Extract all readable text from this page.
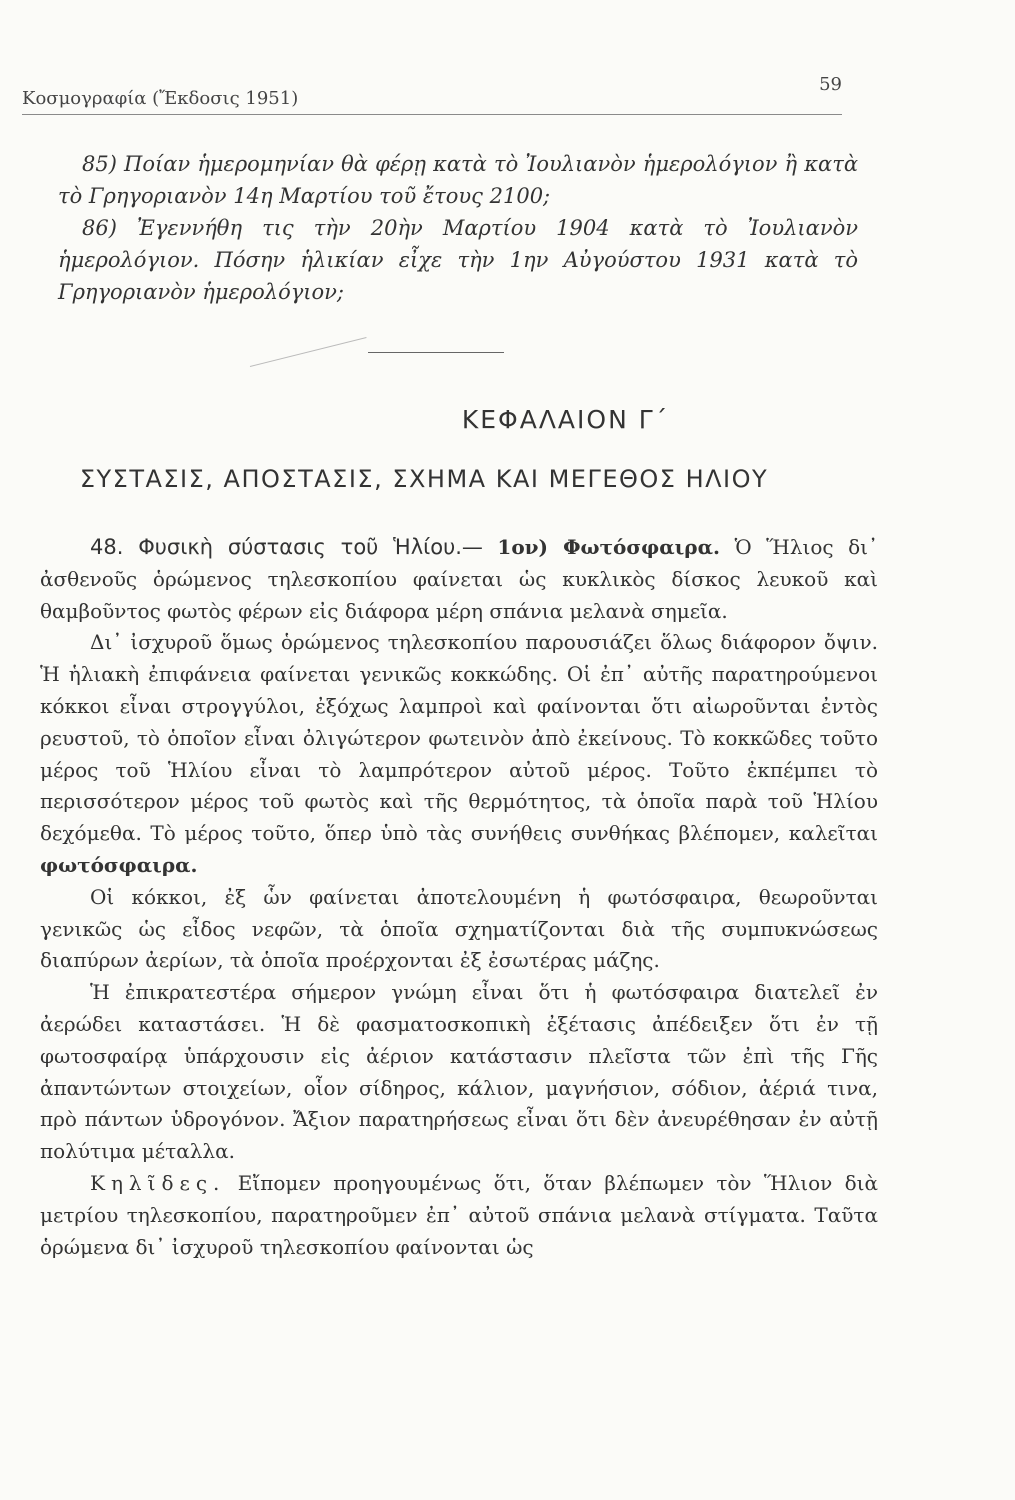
Κοσμογραφία (Ἔκδοσις 1951)
59

85) Ποίαν ἡμερομηνίαν θὰ φέρῃ κατὰ τὸ Ἰουλιανὸν ἡμερολόγιον ἢ κατὰ τὸ Γρηγοριανὸν 14η Μαρτίου τοῦ ἔτους 2100;

86) Ἐγεννήθη τις τὴν 20ὴν Μαρτίου 1904 κατὰ τὸ Ἰουλιανὸν ἡμερολόγιον. Πόσην ἡλικίαν εἶχε τὴν 1ην Αὐγούστου 1931 κατὰ τὸ Γρηγοριανὸν ἡμερολόγιον;

ΚΕΦΑΛΑΙΟΝ Γ΄
ΣΥΣΤΑΣΙΣ, ΑΠΟΣΤΑΣΙΣ, ΣΧΗΜΑ ΚΑΙ ΜΕΓΕΘΟΣ ΗΛΙΟΥ

48. Φυσικὴ σύστασις τοῦ Ἡλίου.— 1ον) Φωτόσφαιρα. Ὁ Ἥλιος δι᾽ ἀσθενοῦς ὁρώμενος τηλεσκοπίου φαίνεται ὡς κυκλικὸς δίσκος λευκοῦ καὶ θαμβοῦντος φωτὸς φέρων εἰς διάφορα μέρη σπάνια μελανὰ σημεῖα.

Δι᾽ ἰσχυροῦ ὅμως ὁρώμενος τηλεσκοπίου παρουσιάζει ὅλως διάφορον ὄψιν. Ἡ ἡλιακὴ ἐπιφάνεια φαίνεται γενικῶς κοκκώδης. Οἱ ἐπ᾽ αὐτῆς παρατηρούμενοι κόκκοι εἶναι στρογγύλοι, ἐξόχως λαμπροὶ καὶ φαίνονται ὅτι αἰωροῦνται ἐντὸς ρευστοῦ, τὸ ὁποῖον εἶναι ὀλιγώτερον φωτεινὸν ἀπὸ ἐκείνους. Τὸ κοκκῶδες τοῦτο μέρος τοῦ Ἡλίου εἶναι τὸ λαμπρότερον αὐτοῦ μέρος. Τοῦτο ἐκπέμπει τὸ περισσότερον μέρος τοῦ φωτὸς καὶ τῆς θερμότητος, τὰ ὁποῖα παρὰ τοῦ Ἡλίου δεχόμεθα. Τὸ μέρος τοῦτο, ὅπερ ὑπὸ τὰς συνήθεις συνθήκας βλέπομεν, καλεῖται φωτόσφαιρα.

Οἱ κόκκοι, ἐξ ὧν φαίνεται ἀποτελουμένη ἡ φωτόσφαιρα, θεωροῦνται γενικῶς ὡς εἶδος νεφῶν, τὰ ὁποῖα σχηματίζονται διὰ τῆς συμπυκνώσεως διαπύρων ἀερίων, τὰ ὁποῖα προέρχονται ἐξ ἐσωτέρας μάζης.

Ἡ ἐπικρατεστέρα σήμερον γνώμη εἶναι ὅτι ἡ φωτόσφαιρα διατελεῖ ἐν ἀερώδει καταστάσει. Ἡ δὲ φασματοσκοπικὴ ἐξέτασις ἀπέδειξεν ὅτι ἐν τῇ φωτοσφαίρᾳ ὑπάρχουσιν εἰς ἀέριον κατάστασιν πλεῖστα τῶν ἐπὶ τῆς Γῆς ἀπαντώντων στοιχείων, οἷον σίδηρος, κάλιον, μαγνήσιον, σόδιον, ἀέριά τινα, πρὸ πάντων ὑδρογόνον. Ἄξιον παρατηρήσεως εἶναι ὅτι δὲν ἀνευρέθησαν ἐν αὐτῇ πολύτιμα μέταλλα.

Κηλῖδες. Εἴπομεν προηγουμένως ὅτι, ὅταν βλέπωμεν τὸν Ἥλιον διὰ μετρίου τηλεσκοπίου, παρατηροῦμεν ἐπ᾽ αὐτοῦ σπάνια μελανὰ στίγματα. Ταῦτα ὁρώμενα δι᾽ ἰσχυροῦ τηλεσκοπίου φαίνονται ὡς
